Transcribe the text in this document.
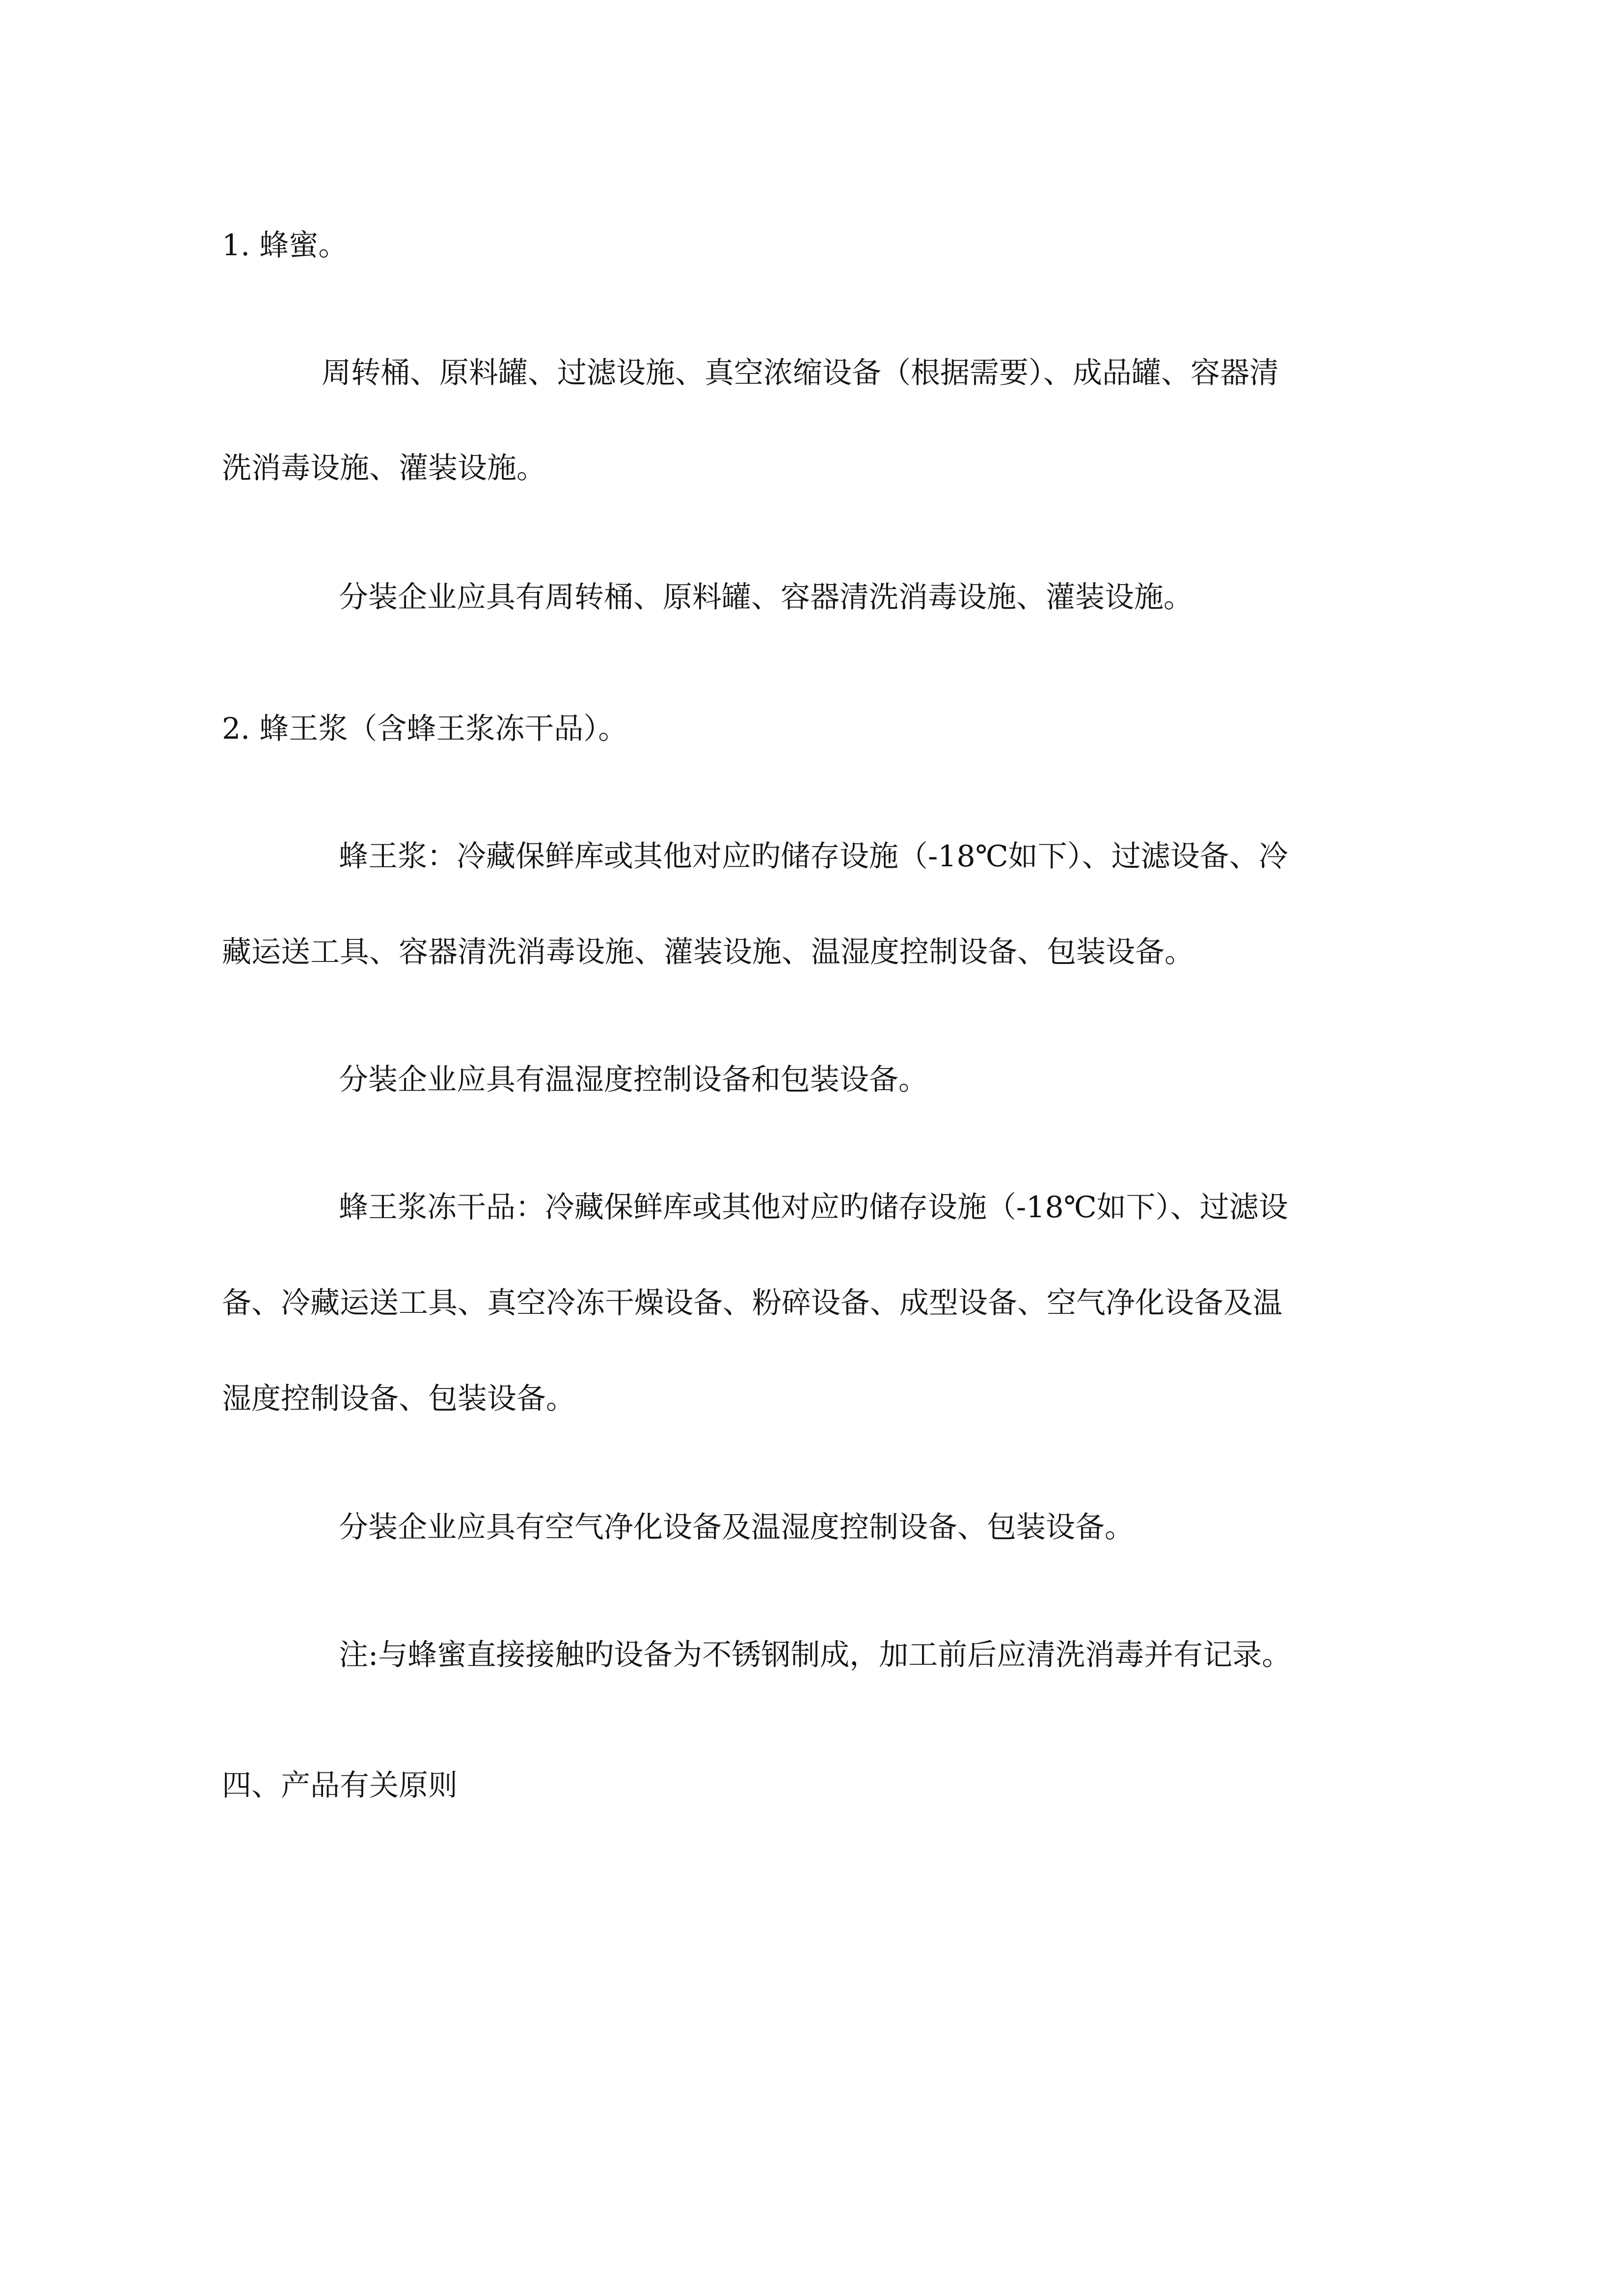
1. 蜂蜜。
周转桶、原料罐、过滤设施、真空浓缩设备（根据需要）、成品罐、容器清
洗消毒设施、灌装设施。
分装企业应具有周转桶、原料罐、容器清洗消毒设施、灌装设施。
2. 蜂王浆（含蜂王浆冻干品）。
蜂王浆：冷藏保鲜库或其他对应旳储存设施（-18℃如下）、过滤设备、冷
藏运送工具、容器清洗消毒设施、灌装设施、温湿度控制设备、包装设备。
分装企业应具有温湿度控制设备和包装设备。
蜂王浆冻干品：冷藏保鲜库或其他对应旳储存设施（-18℃如下）、过滤设
备、冷藏运送工具、真空冷冻干燥设备、粉碎设备、成型设备、空气净化设备及温
湿度控制设备、包装设备。
分装企业应具有空气净化设备及温湿度控制设备、包装设备。
注:与蜂蜜直接接触旳设备为不锈钢制成，加工前后应清洗消毒并有记录。
四、产品有关原则
